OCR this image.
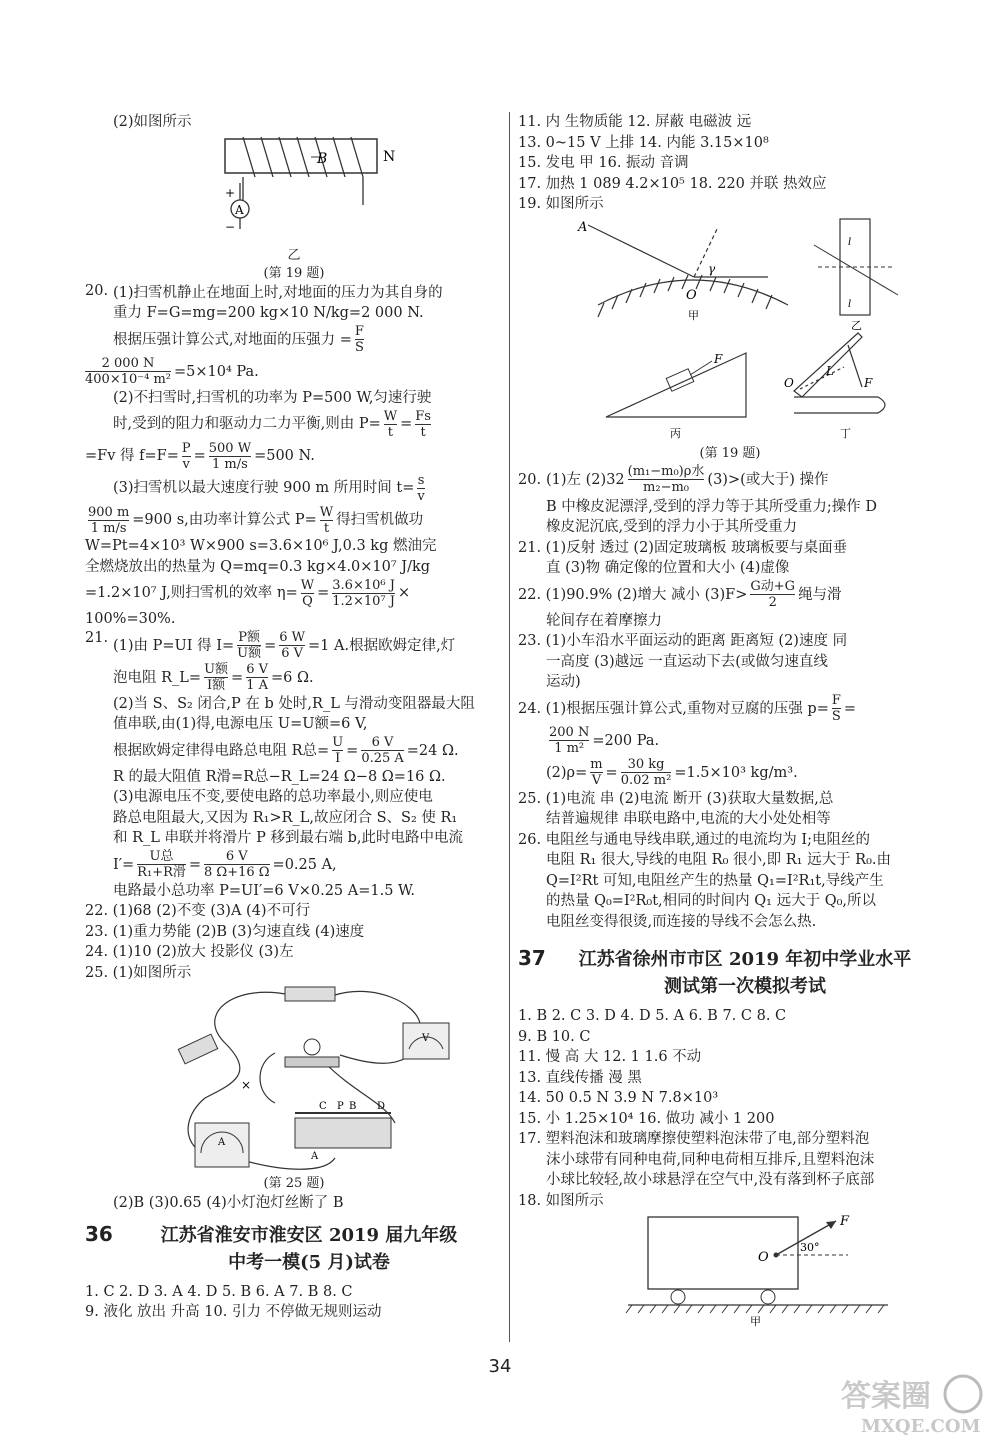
(2)如图所示
B	N
A
+
−
乙
(第 19 题)
20. (1)扫雪机静止在地面上时,对地面的压力为其自身的
重力 F=G=mg=200 kg×10 N/kg=2 000 N.
根据压强计算公式,对地面的压强力 = $\frac{F}{S}$
$\frac{2 000 N}{\text{400×10⁻⁴ m²}} =5\times 10^4$ Pa.
(2)不扫雪时,扫雪机的功率为 P=500 W,匀速行驶
时,受到的阻力和驱动力二力平衡,则由 $P= \frac{W}{t} = \frac{Fs}{t}$
=Fv 得 $f=F= \frac{P}{v} = \frac{500 W}{1 m/s} =500$ N.
(3)扫雪机以最大速度行驶 900 m 所用时间 $t= \frac{s}{v}$
$\frac{900 m}{1 m/s} =900$ s,由功率计算公式 $P= \frac{W}{t}$ 得扫雪机做功
W=Pt=4×10³ W×900 s=3.6×10⁶ J,0.3 kg 燃油完
全燃烧放出的热量为 Q=mq=0.3 kg×4.0×10⁷ J/kg
=1.2×10⁷ J,则扫雪机的效率 $\eta= \frac{W}{Q} = \frac{\text{3.6×10⁶ J}}{\text{1.2×10⁷ J}}$ ×
100%=30%.
21. (1)由 P=UI 得 $I= \frac{\text{P额}}{\text{U额}} = \frac{6 W}{6 V} =1$ A.根据欧姆定律,灯
泡电阻 R_L= $\frac{\text{U额}}{\text{I额}} = \frac{6 V}{1 A} =6$ Ω.
(2)当 S、S₂ 闭合,P 在 b 处时,R_L 与滑动变阻器最大阻
值串联,由(1)得,电源电压 U=U额=6 V,
根据欧姆定律得电路总电阻 R总= $\frac{U}{I} = \frac{6 V}{0.25 A} =24$ Ω.
R 的最大阻值 R滑=R总−R_L=24 Ω−8 Ω=16 Ω.
(3)电源电压不变,要使电路的总功率最小,则应使电
路总电阻最大,又因为 R₁>R_L,故应闭合 S、S₂ 使 R₁
和 R_L 串联并将滑片 P 移到最右端 b,此时电路中电流
$I'= \frac{\text{U总}}{\text{R₁+R滑}} = \frac{6 V}{8 \Omega+16 \Omega} =0.25$ A,
电路最小总功率 P=UI′=6 V×0.25 A=1.5 W.
22. (1)68 (2)不变 (3)A (4)不可行
23. (1)重力势能 (2)B (3)匀速直线 (4)速度
24. (1)10 (2)放大 投影仪 (3)左
25. (1)如图所示
V
A
C P B
A
D
×
(第 25 题)
(2)B (3)0.65 (4)小灯泡灯丝断了 B
36	江苏省淮安市淮安区 2019 届九年级
中考一模(5 月)试卷
1. C 2. D 3. A 4. D 5. B 6. A 7. B 8. C
9. 液化 放出 升高 10. 引力 不停做无规则运动
11. 内 生物质能 12. 屏蔽 电磁波 远
13. 0~15 V 上排 14. 内能 3.15×10⁸
15. 发电 甲 16. 振动 音调
17. 加热 1 089 4.2×10⁵ 18. 220 并联 热效应
19. 如图所示
A
O
γ
甲
l
l
乙
F
丙
O
L
F
丁
(第 19 题)
20. (1)左 $(2)32 \frac{\text{(m₁−m₀)ρ水}}{\text{m₂−m₀}} (3)>$(或大于) 操作
B 中橡皮泥漂浮,受到的浮力等于其所受重力;操作 D
橡皮泥沉底,受到的浮力小于其所受重力
21. (1)反射 透过 (2)固定玻璃板 玻璃板要与桌面垂
直 (3)物 确定像的位置和大小 (4)虚像
22. (1)90.9% (2)增大 减小 $(3)F> \frac{\text{G动+G}}{2}$ 绳与滑
轮间存在着摩擦力
23. (1)小车沿水平面运动的距离 距离短 (2)速度 同
一高度 (3)越远 一直运动下去(或做匀速直线
运动)
24. (1)根据压强计算公式,重物对豆腐的压强 $p= \frac{F}{S}$ =
$\frac{200 N}{\text{1 m²}} =200$ Pa.
$(2)\rho= \frac{m}{V} = \frac{30 kg}{\text{0.02 m²}} =1.5\times 10^3$ kg/m³.
25. (1)电流 串 (2)电流 断开 (3)获取大量数据,总
结普遍规律 串联电路中,电流的大小处处相等
26. 电阻丝与通电导线串联,通过的电流均为 I;电阻丝的
电阻 R₁ 很大,导线的电阻 R₀ 很小,即 R₁ 远大于 R₀.由
Q=I²Rt 可知,电阻丝产生的热量 Q₁=I²R₁t,导线产生
的热量 Q₀=I²R₀t,相同的时间内 Q₁ 远大于 Q₀,所以
电阻丝变得很烫,而连接的导线不会怎么热.
37	江苏省徐州市市区 2019 年初中学业水平
测试第一次模拟考试
1. B 2. C 3. D 4. D 5. A 6. B 7. C 8. C
9. B 10. C
11. 慢 高 大 12. 1 1.6 不动
13. 直线传播 漫 黑
14. 50 0.5 N 3.9 N 7.8×10³
15. 小 1.25×10⁴ 16. 做功 减小 1 200
17. 塑料泡沫和玻璃摩擦使塑料泡沫带了电,部分塑料泡
沫小球带有同种电荷,同种电荷相互排斥,且塑料泡沫
小球比较轻,故小球悬浮在空气中,没有落到杯子底部
18. 如图所示
O
F
30°
甲
34
答案圈
MXQE.COM
